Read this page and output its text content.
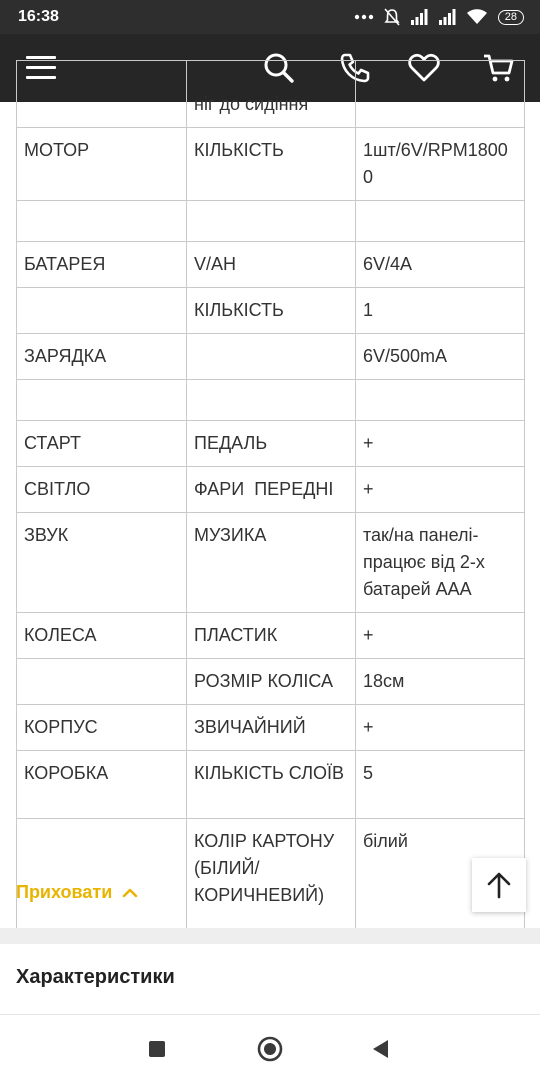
16:38	28
	ніг до сидіння	
МОТОР	КІЛЬКІСТЬ	1шт/6V/RPM18000

БАТАРЕЯ	V/AH	6V/4A
	КІЛЬКІСТЬ	1
ЗАРЯДКА		6V/500mA

СТАРТ	ПЕДАЛЬ	+
СВІТЛО	ФАРИ  ПЕРЕДНІ	+
ЗВУК	МУЗИКА	так/на панелі-працює від 2-х батарей ААА
КОЛЕСА	ПЛАСТИК	+
	РОЗМІР КОЛІСА	18см
КОРПУС	ЗВИЧАЙНИЙ	+
КОРОБКА	КІЛЬКІСТЬ СЛОЇВ	5
	КОЛІР КАРТОНУ (БІЛИЙ/ КОРИЧНЕВИЙ)	білий
Приховати
Характеристики
